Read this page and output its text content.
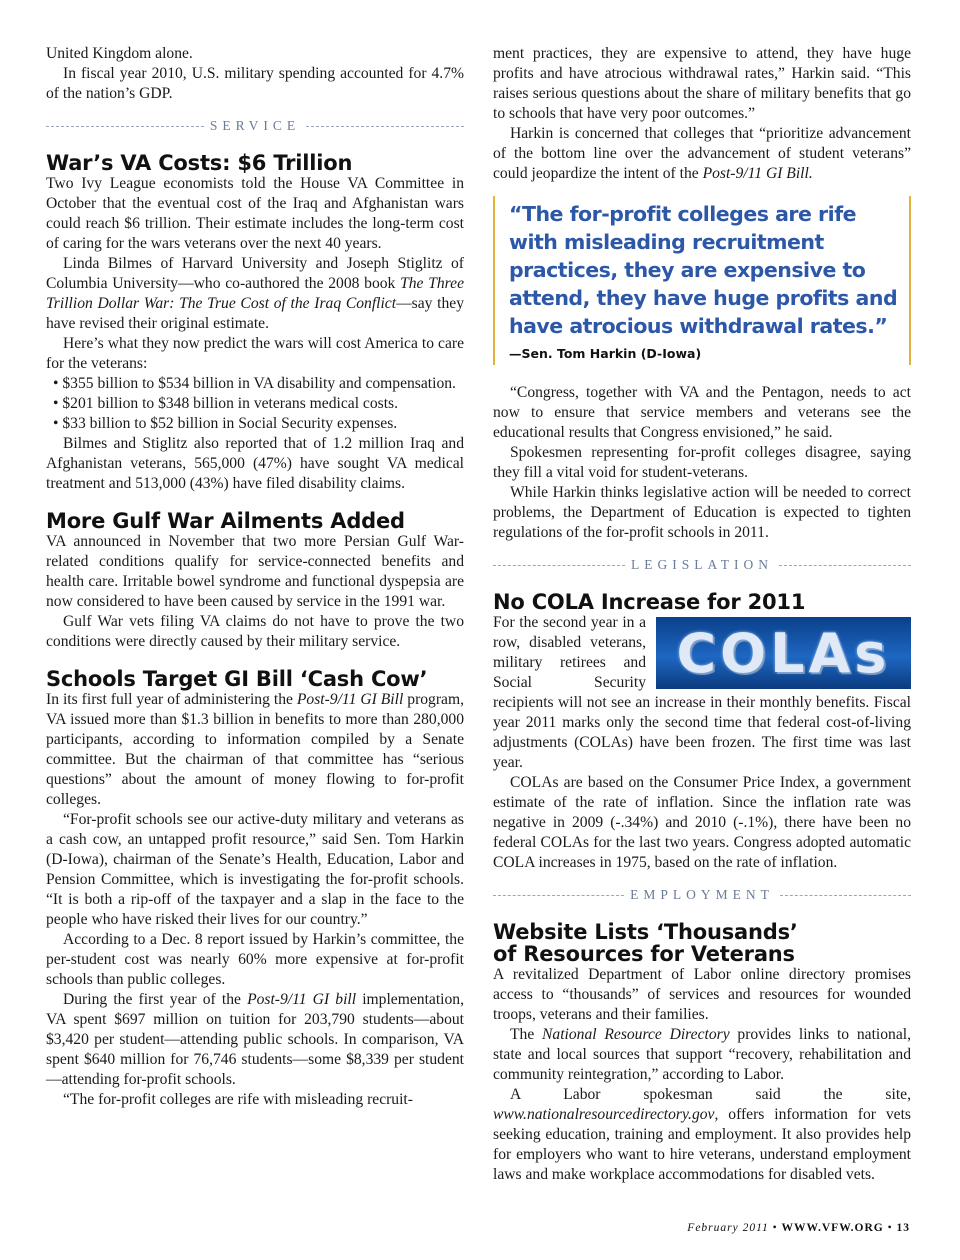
United Kingdom alone.

In fiscal year 2010, U.S. military spending accounted for 4.7% of the nation’s GDP.

SERVICE
War’s VA Costs: $6 Trillion

Two Ivy League economists told the House VA Committee in October that the eventual cost of the Iraq and Afghanistan wars could reach $6 trillion. Their estimate includes the long-term cost of caring for the wars veterans over the next 40 years.

Linda Bilmes of Harvard University and Joseph Stiglitz of Columbia University—who co-authored the 2008 book The Three Trillion Dollar War: The True Cost of the Iraq Conflict—say they have revised their original estimate.

Here’s what they now predict the wars will cost America to care for the veterans:

• $355 billion to $534 billion in VA disability and compensation.
• $201 billion to $348 billion in veterans medical costs.
• $33 billion to $52 billion in Social Security expenses.

Bilmes and Stiglitz also reported that of 1.2 million Iraq and Afghanistan veterans, 565,000 (47%) have sought VA medical treatment and 513,000 (43%) have filed disability claims.

More Gulf War Ailments Added

VA announced in November that two more Persian Gulf War-related conditions qualify for service-connected benefits and health care. Irritable bowel syndrome and functional dyspepsia are now considered to have been caused by service in the 1991 war.

Gulf War vets filing VA claims do not have to prove the two conditions were directly caused by their military service.

Schools Target GI Bill ‘Cash Cow’

In its first full year of administering the Post-9/11 GI Bill program, VA issued more than $1.3 billion in benefits to more than 280,000 participants, according to information compiled by a Senate committee. But the chairman of that committee has “serious questions” about the amount of money flowing to for-profit colleges.

“For-profit schools see our active-duty military and veterans as a cash cow, an untapped profit resource,” said Sen. Tom Harkin (D-Iowa), chairman of the Senate’s Health, Education, Labor and Pension Committee, which is investigating the for-profit schools. “It is both a rip-off of the taxpayer and a slap in the face to the people who have risked their lives for our country.”

According to a Dec. 8 report issued by Harkin’s committee, the per-student cost was nearly 60% more expensive at for-profit schools than public colleges.

During the first year of the Post-9/11 GI bill implementation, VA spent $697 million on tuition for 203,790 students—about $3,420 per student—attending public schools. In comparison, VA spent $640 million for 76,746 students—some $8,339 per student—attending for-profit schools.

“The for-profit colleges are rife with misleading recruit-

ment practices, they are expensive to attend, they have huge profits and have atrocious withdrawal rates,” Harkin said. “This raises serious questions about the share of military benefits that go to schools that have very poor outcomes.”

Harkin is concerned that colleges that “prioritize advancement of the bottom line over the advancement of student veterans” could jeopardize the intent of the Post-9/11 GI Bill.

“The for-profit colleges are rife with misleading recruitment practices, they are expensive to attend, they have huge profits and have atrocious withdrawal rates.”
—Sen. Tom Harkin (D-Iowa)

“Congress, together with VA and the Pentagon, needs to act now to ensure that service members and veterans see the educational results that Congress envisioned,” he said.

Spokesmen representing for-profit colleges disagree, saying they fill a vital void for student-veterans.

While Harkin thinks legislative action will be needed to correct problems, the Department of Education is expected to tighten regulations of the for-profit schools in 2011.

LEGISLATION
No COLA Increase for 2011
COLAs

For the second year in a row, disabled veterans, military retirees and Social Security recipients will not see an increase in their monthly benefits. Fiscal year 2011 marks only the second time that federal cost-of-living adjustments (COLAs) have been frozen. The first time was last year.

COLAs are based on the Consumer Price Index, a government estimate of the rate of inflation. Since the inflation rate was negative in 2009 (-.34%) and 2010 (-.1%), there have been no federal COLAs for the last two years. Congress adopted automatic COLA increases in 1975, based on the rate of inflation.

EMPLOYMENT
Website Lists ‘Thousands’
of Resources for Veterans

A revitalized Department of Labor online directory promises access to “thousands” of services and resources for wounded troops, veterans and their families.

The National Resource Directory provides links to national, state and local sources that support “recovery, rehabilitation and community reintegration,” according to Labor.

A Labor spokesman said the site, www.nationalresourcedirectory.gov, offers information for vets seeking education, training and employment. It also provides help for employers who want to hire veterans, understand employment laws and make workplace accommodations for disabled vets.

February 2011 • WWW.VFW.ORG • 13
